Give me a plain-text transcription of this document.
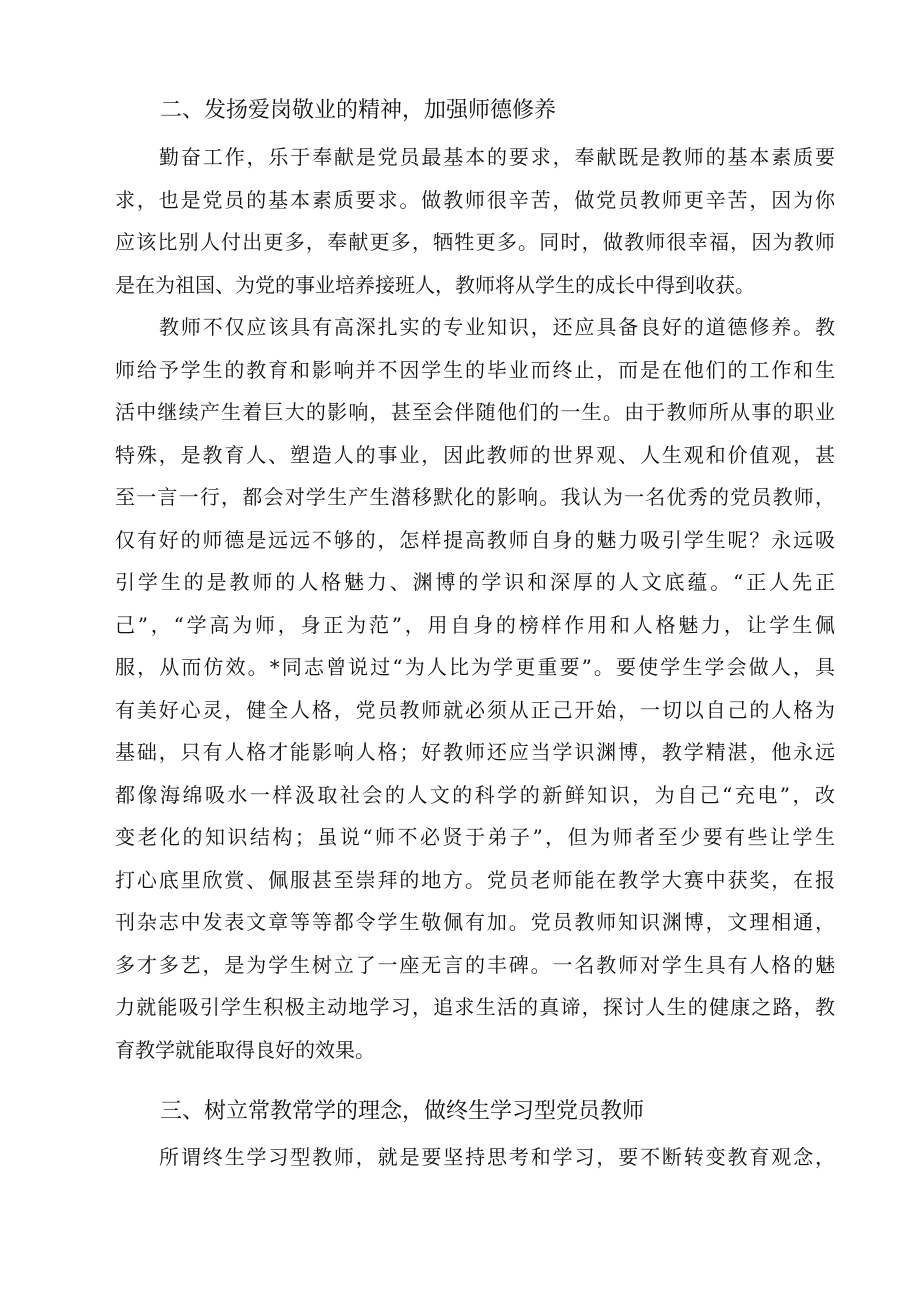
二、发扬爱岗敬业的精神，加强师德修养
勤奋工作，乐于奉献是党员最基本的要求，奉献既是教师的基本素质要
求，也是党员的基本素质要求。做教师很辛苦，做党员教师更辛苦，因为你
应该比别人付出更多，奉献更多，牺牲更多。同时，做教师很幸福，因为教师
是在为祖国、为党的事业培养接班人，教师将从学生的成长中得到收获。
教师不仅应该具有高深扎实的专业知识，还应具备良好的道德修养。教
师给予学生的教育和影响并不因学生的毕业而终止，而是在他们的工作和生
活中继续产生着巨大的影响，甚至会伴随他们的一生。由于教师所从事的职业
特殊，是教育人、塑造人的事业，因此教师的世界观、人生观和价值观，甚
至一言一行，都会对学生产生潜移默化的影响。我认为一名优秀的党员教师，
仅有好的师德是远远不够的，怎样提高教师自身的魅力吸引学生呢？永远吸
引学生的是教师的人格魅力、渊博的学识和深厚的人文底蕴。“正人先正
己”，“学高为师，身正为范”，用自身的榜样作用和人格魅力，让学生佩
服，从而仿效。*同志曾说过“为人比为学更重要”。要使学生学会做人，具
有美好心灵，健全人格，党员教师就必须从正己开始，一切以自己的人格为
基础，只有人格才能影响人格；好教师还应当学识渊博，教学精湛，他永远
都像海绵吸水一样汲取社会的人文的科学的新鲜知识，为自己“充电”，改
变老化的知识结构；虽说“师不必贤于弟子”，但为师者至少要有些让学生
打心底里欣赏、佩服甚至崇拜的地方。党员老师能在教学大赛中获奖，在报
刊杂志中发表文章等等都令学生敬佩有加。党员教师知识渊博，文理相通，
多才多艺，是为学生树立了一座无言的丰碑。一名教师对学生具有人格的魅
力就能吸引学生积极主动地学习，追求生活的真谛，探讨人生的健康之路，教
育教学就能取得良好的效果。
三、树立常教常学的理念，做终生学习型党员教师
所谓终生学习型教师，就是要坚持思考和学习，要不断转变教育观念，
